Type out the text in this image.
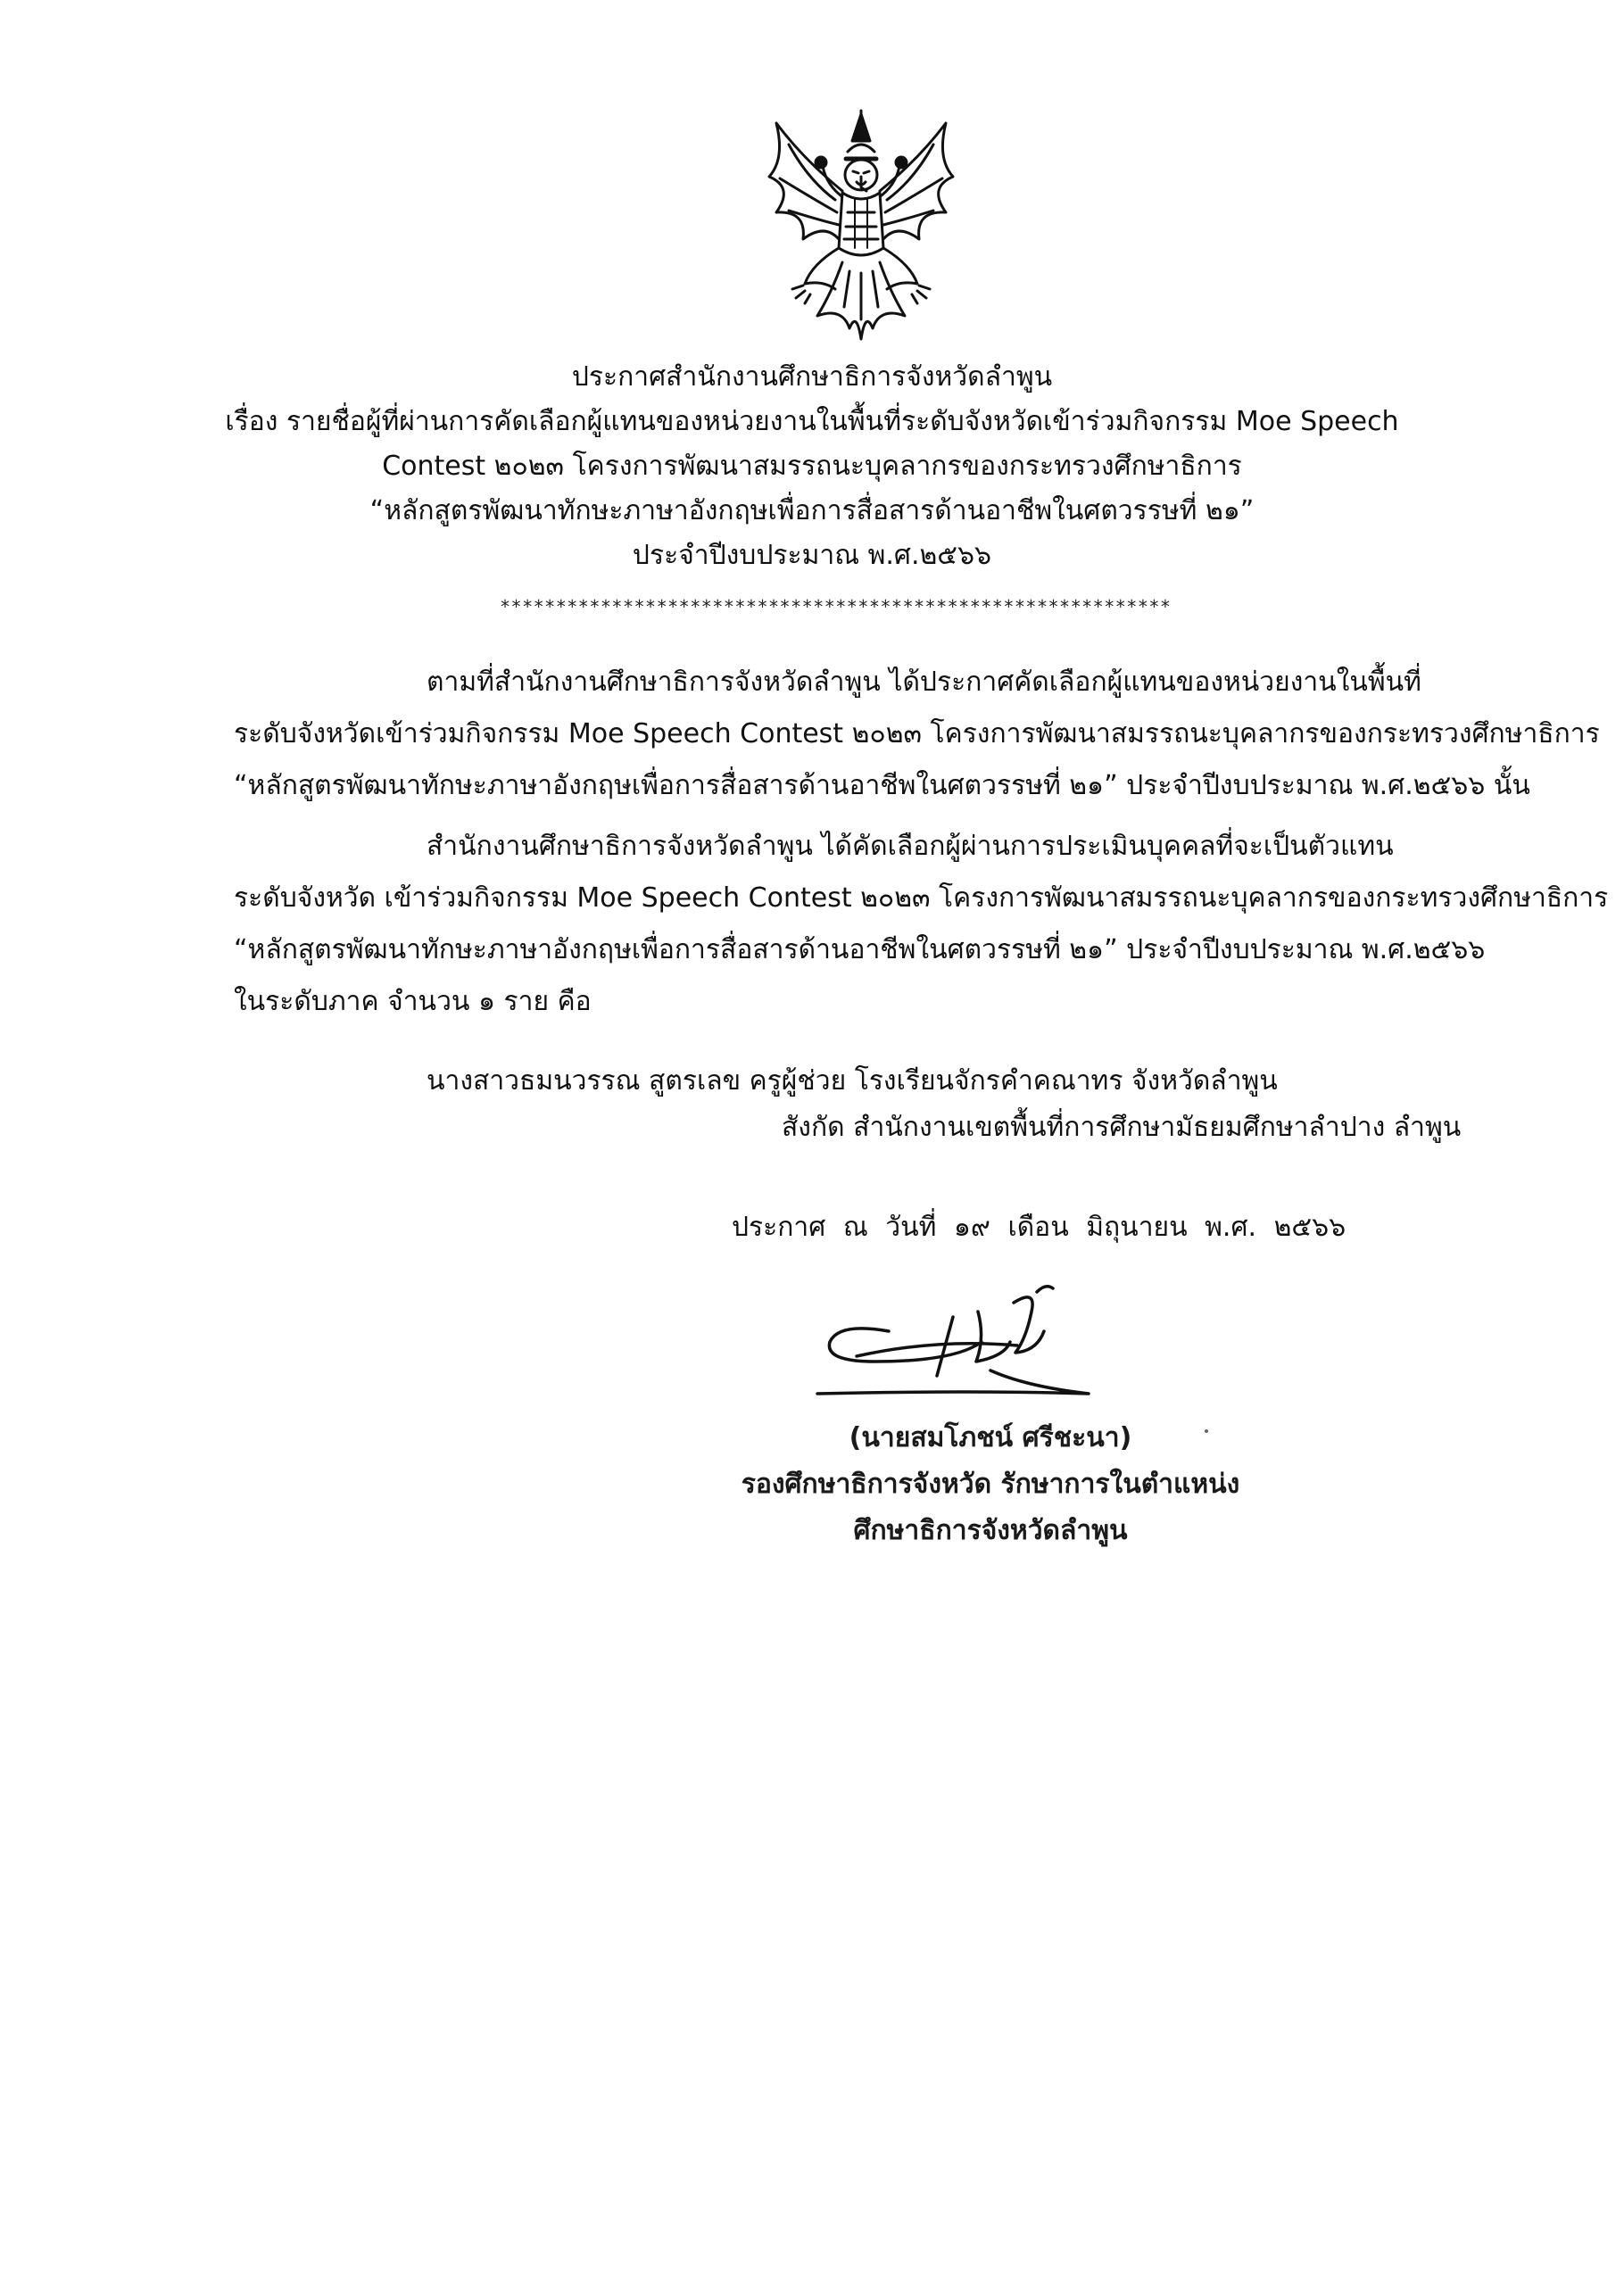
ประกาศสำนักงานศึกษาธิการจังหวัดลำพูน
เรื่อง รายชื่อผู้ที่ผ่านการคัดเลือกผู้แทนของหน่วยงานในพื้นที่ระดับจังหวัดเข้าร่วมกิจกรรม Moe Speech
Contest ๒๐๒๓ โครงการพัฒนาสมรรถนะบุคลากรของกระทรวงศึกษาธิการ
“หลักสูตรพัฒนาทักษะภาษาอังกฤษเพื่อการสื่อสารด้านอาชีพในศตวรรษที่ ๒๑”
ประจำปีงบประมาณ พ.ศ.๒๕๖๖
************************************************************
ตามที่สำนักงานศึกษาธิการจังหวัดลำพูน ได้ประกาศคัดเลือกผู้แทนของหน่วยงานในพื้นที่
ระดับจังหวัดเข้าร่วมกิจกรรม Moe Speech Contest ๒๐๒๓ โครงการพัฒนาสมรรถนะบุคลากรของกระทรวงศึกษาธิการ
“หลักสูตรพัฒนาทักษะภาษาอังกฤษเพื่อการสื่อสารด้านอาชีพในศตวรรษที่ ๒๑” ประจำปีงบประมาณ พ.ศ.๒๕๖๖ นั้น
สำนักงานศึกษาธิการจังหวัดลำพูน ได้คัดเลือกผู้ผ่านการประเมินบุคคลที่จะเป็นตัวแทน
ระดับจังหวัด เข้าร่วมกิจกรรม Moe Speech Contest ๒๐๒๓ โครงการพัฒนาสมรรถนะบุคลากรของกระทรวงศึกษาธิการ
“หลักสูตรพัฒนาทักษะภาษาอังกฤษเพื่อการสื่อสารด้านอาชีพในศตวรรษที่ ๒๑” ประจำปีงบประมาณ พ.ศ.๒๕๖๖
ในระดับภาค จำนวน ๑ ราย คือ
นางสาวธมนวรรณ สูตรเลข ครูผู้ช่วย โรงเรียนจักรคำคณาทร จังหวัดลำพูน
สังกัด สำนักงานเขตพื้นที่การศึกษามัธยมศึกษาลำปาง ลำพูน
ประกาศ ณ วันที่ ๑๙ เดือน มิถุนายน พ.ศ. ๒๕๖๖
(นายสมโภชน์ ศรีชะนา)
รองศึกษาธิการจังหวัด รักษาการในตำแหน่ง
ศึกษาธิการจังหวัดลำพูน
